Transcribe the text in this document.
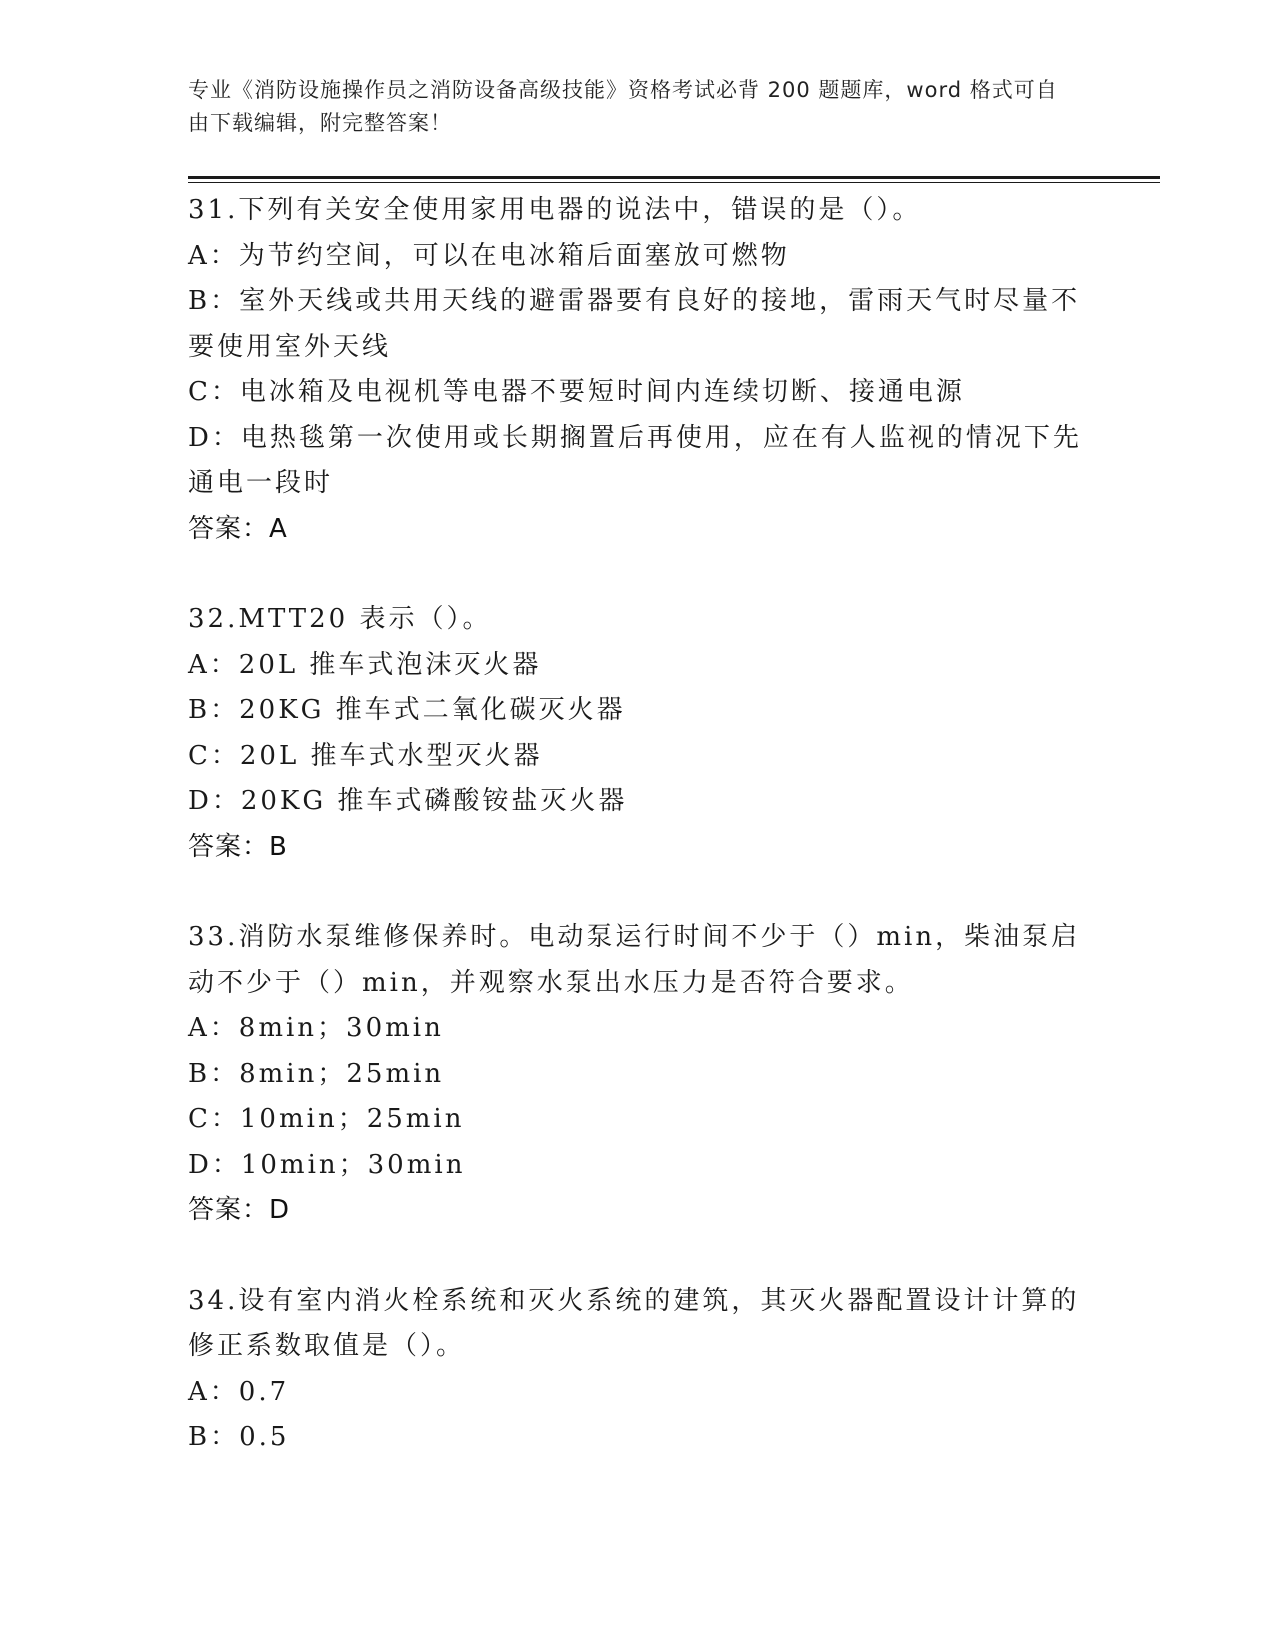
专业《消防设施操作员之消防设备高级技能》资格考试必背 200 题题库，word 格式可自由下载编辑，附完整答案！
31.下列有关安全使用家用电器的说法中，错误的是（）。
A：为节约空间，可以在电冰箱后面塞放可燃物
B：室外天线或共用天线的避雷器要有良好的接地，雷雨天气时尽量不要使用室外天线
C：电冰箱及电视机等电器不要短时间内连续切断、接通电源
D：电热毯第一次使用或长期搁置后再使用，应在有人监视的情况下先通电一段时
答案：A
32.MTT20 表示（）。
A：20L 推车式泡沫灭火器
B：20KG 推车式二氧化碳灭火器
C：20L 推车式水型灭火器
D：20KG 推车式磷酸铵盐灭火器
答案：B
33.消防水泵维修保养时。电动泵运行时间不少于（）min，柴油泵启动不少于（）min，并观察水泵出水压力是否符合要求。
A：8min；30min
B：8min；25min
C：10min；25min
D：10min；30min
答案：D
34.设有室内消火栓系统和灭火系统的建筑，其灭火器配置设计计算的修正系数取值是（）。
A：0.7
B：0.5
